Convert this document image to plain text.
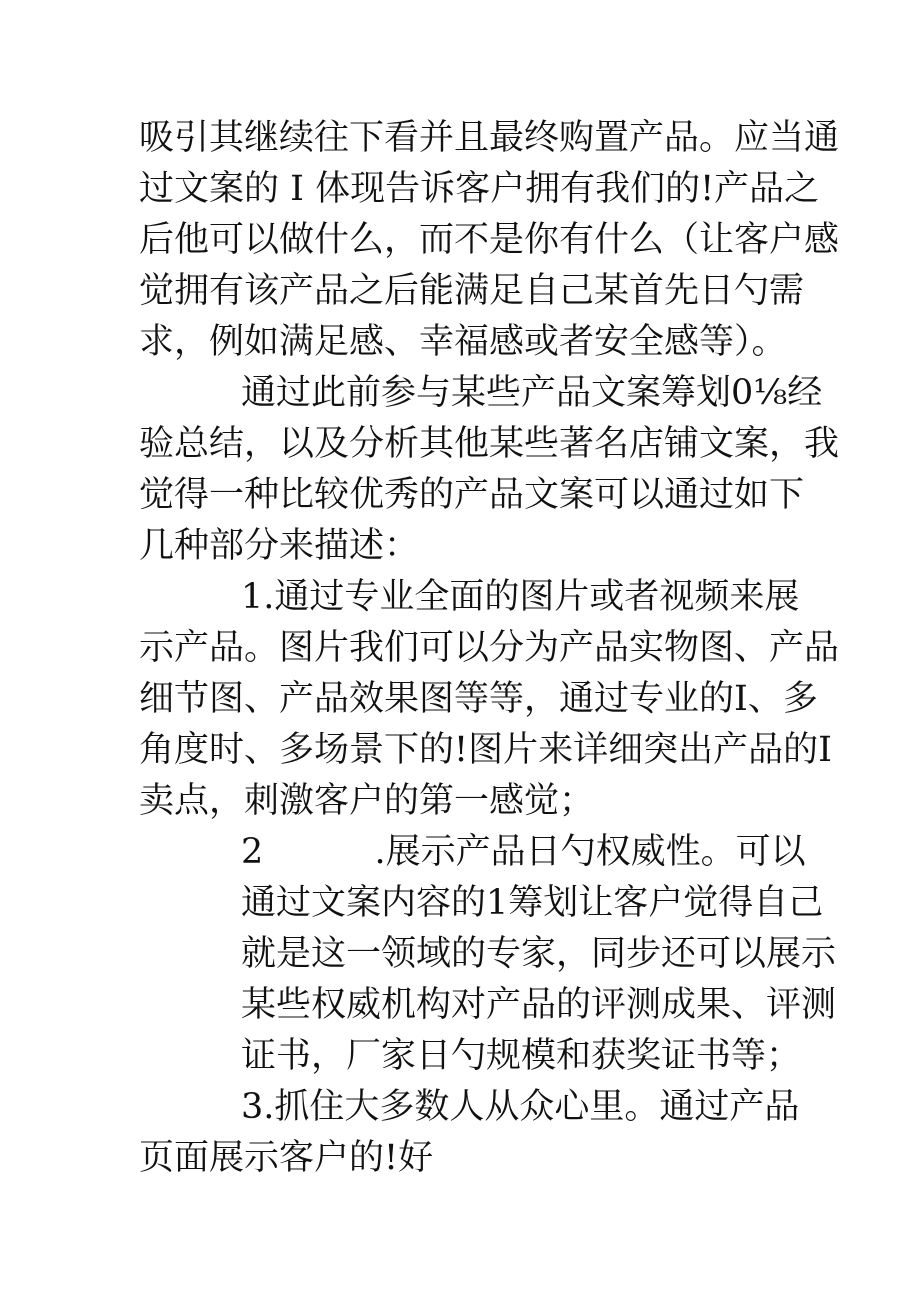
吸引其继续往下看并且最终购置产品。应当通
过文案的 I 体现告诉客户拥有我们的!产品之
后他可以做什么，而不是你有什么（让客户感
觉拥有该产品之后能满足自己某首先日勺需
求，例如满足感、幸福感或者安全感等）。
通过此前参与某些产品文案筹划0⅛经
验总结，以及分析其他某些著名店铺文案，我
觉得一种比较优秀的产品文案可以通过如下
几种部分来描述：
1.通过专业全面的图片或者视频来展
示产品。图片我们可以分为产品实物图、产品
细节图、产品效果图等等，通过专业的I、多
角度时、多场景下的!图片来详细突出产品的I
卖点，刺激客户的第一感觉；
2          .展示产品日勺权威性。可以
通过文案内容的1筹划让客户觉得自己
就是这一领域的专家，同步还可以展示
某些权威机构对产品的评测成果、评测
证书，厂家日勺规模和获奖证书等；
3.抓住大多数人从众心里。通过产品
页面展示客户的!好
